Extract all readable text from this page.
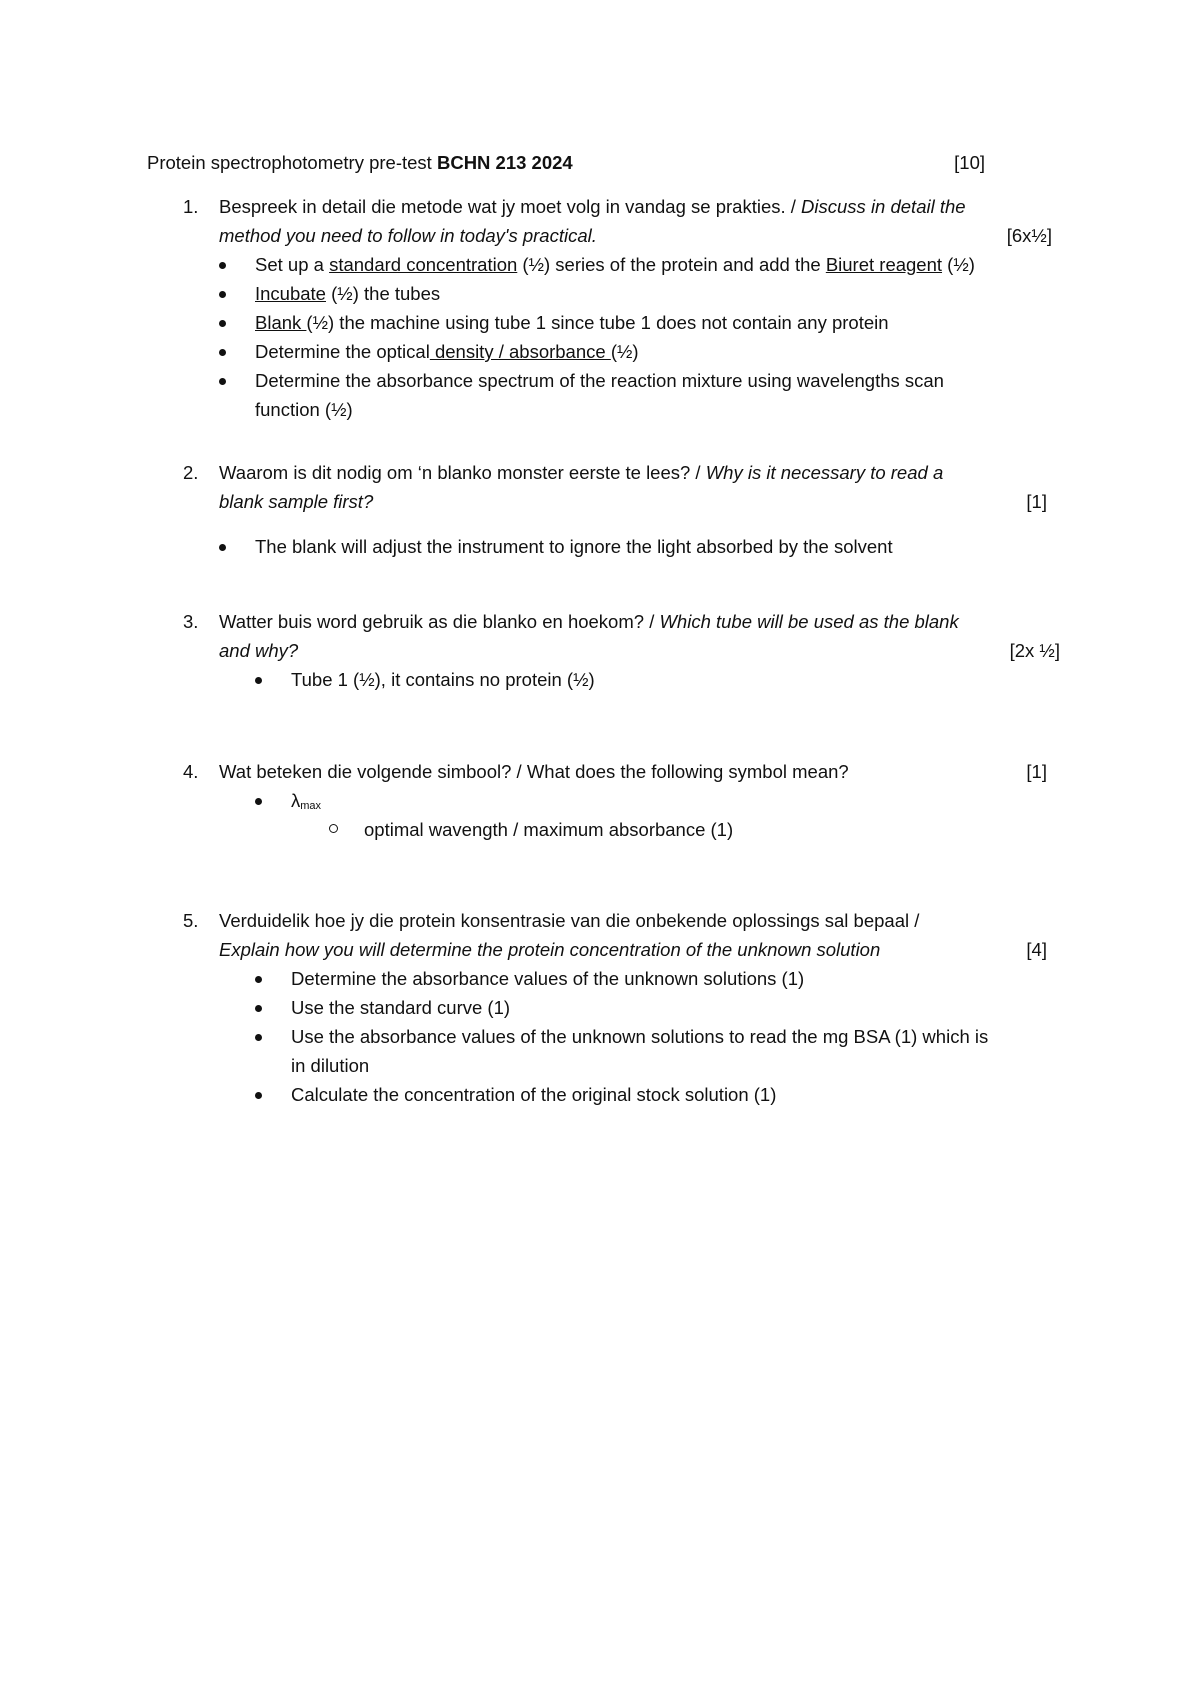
Protein spectrophotometry pre-test BCHN 213 2024	[10]
1. Bespreek in detail die metode wat jy moet volg in vandag se prakties. / Discuss in detail the
method you need to follow in today's practical.	[6x½]
Set up a standard concentration (½) series of the protein and add the Biuret reagent (½)
Incubate (½) the tubes
Blank (½) the machine using tube 1 since tube 1 does not contain any protein
Determine the optical density / absorbance (½)
Determine the absorbance spectrum of the reaction mixture using wavelengths scan
function (½)
2. Waarom is dit nodig om ‘n blanko monster eerste te lees? / Why is it necessary to read a
blank sample first?	[1]
The blank will adjust the instrument to ignore the light absorbed by the solvent
3. Watter buis word gebruik as die blanko en hoekom? / Which tube will be used as the blank
and why?	[2x ½]
Tube 1 (½), it contains no protein (½)
4. Wat beteken die volgende simbool? / What does the following symbol mean?	[1]
λmax
optimal wavength / maximum absorbance (1)
5. Verduidelik hoe jy die protein konsentrasie van die onbekende oplossings sal bepaal /
Explain how you will determine the protein concentration of the unknown solution	[4]
Determine the absorbance values of the unknown solutions (1)
Use the standard curve (1)
Use the absorbance values of the unknown solutions to read the mg BSA (1) which is
in dilution
Calculate the concentration of the original stock solution (1)
